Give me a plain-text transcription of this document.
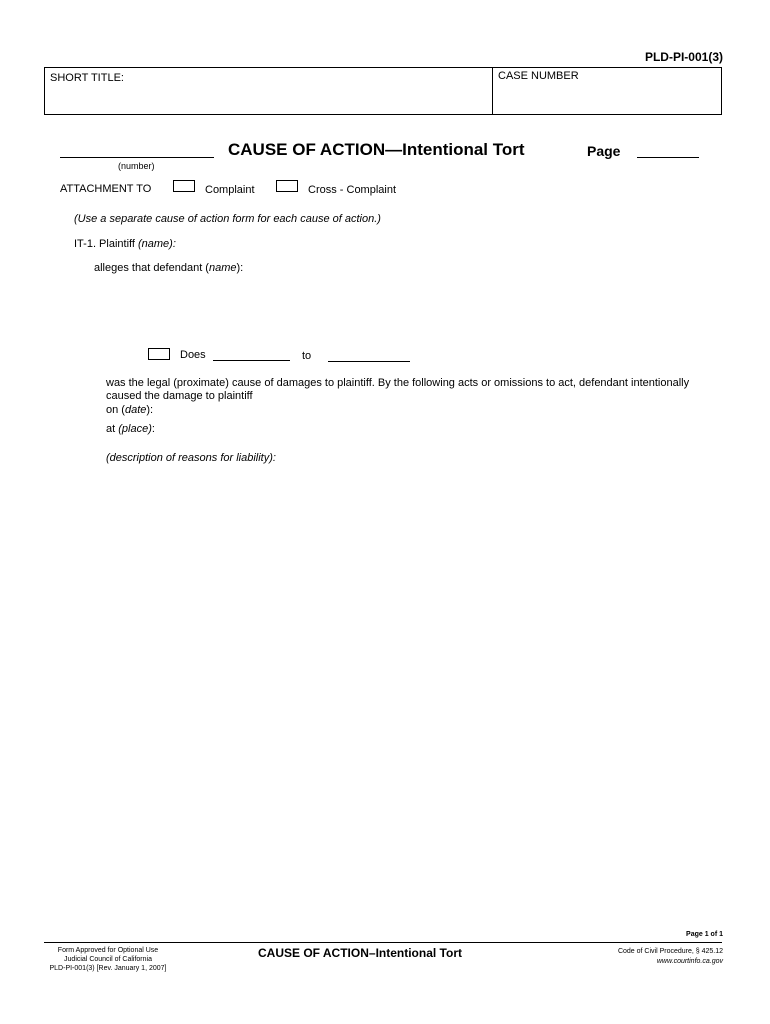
PLD-PI-001(3)
SHORT TITLE:	CASE NUMBER
(number)
CAUSE OF ACTION—Intentional Tort	Page
ATTACHMENT TO	Complaint	Cross - Complaint
(Use a separate cause of action form for each cause of action.)
IT-1. Plaintiff (name):
alleges that defendant (name):
Does	to
was the legal (proximate) cause of damages to plaintiff. By the following acts or omissions to act, defendant intentionally caused the damage to plaintiff
on (date):
at (place):
(description of reasons for liability):
Page 1 of 1
Form Approved for Optional Use
Judicial Council of California
PLD-PI-001(3) [Rev. January 1, 2007]
CAUSE OF ACTION–Intentional Tort	Code of Civil Procedure, § 425.12
www.courtinfo.ca.gov
